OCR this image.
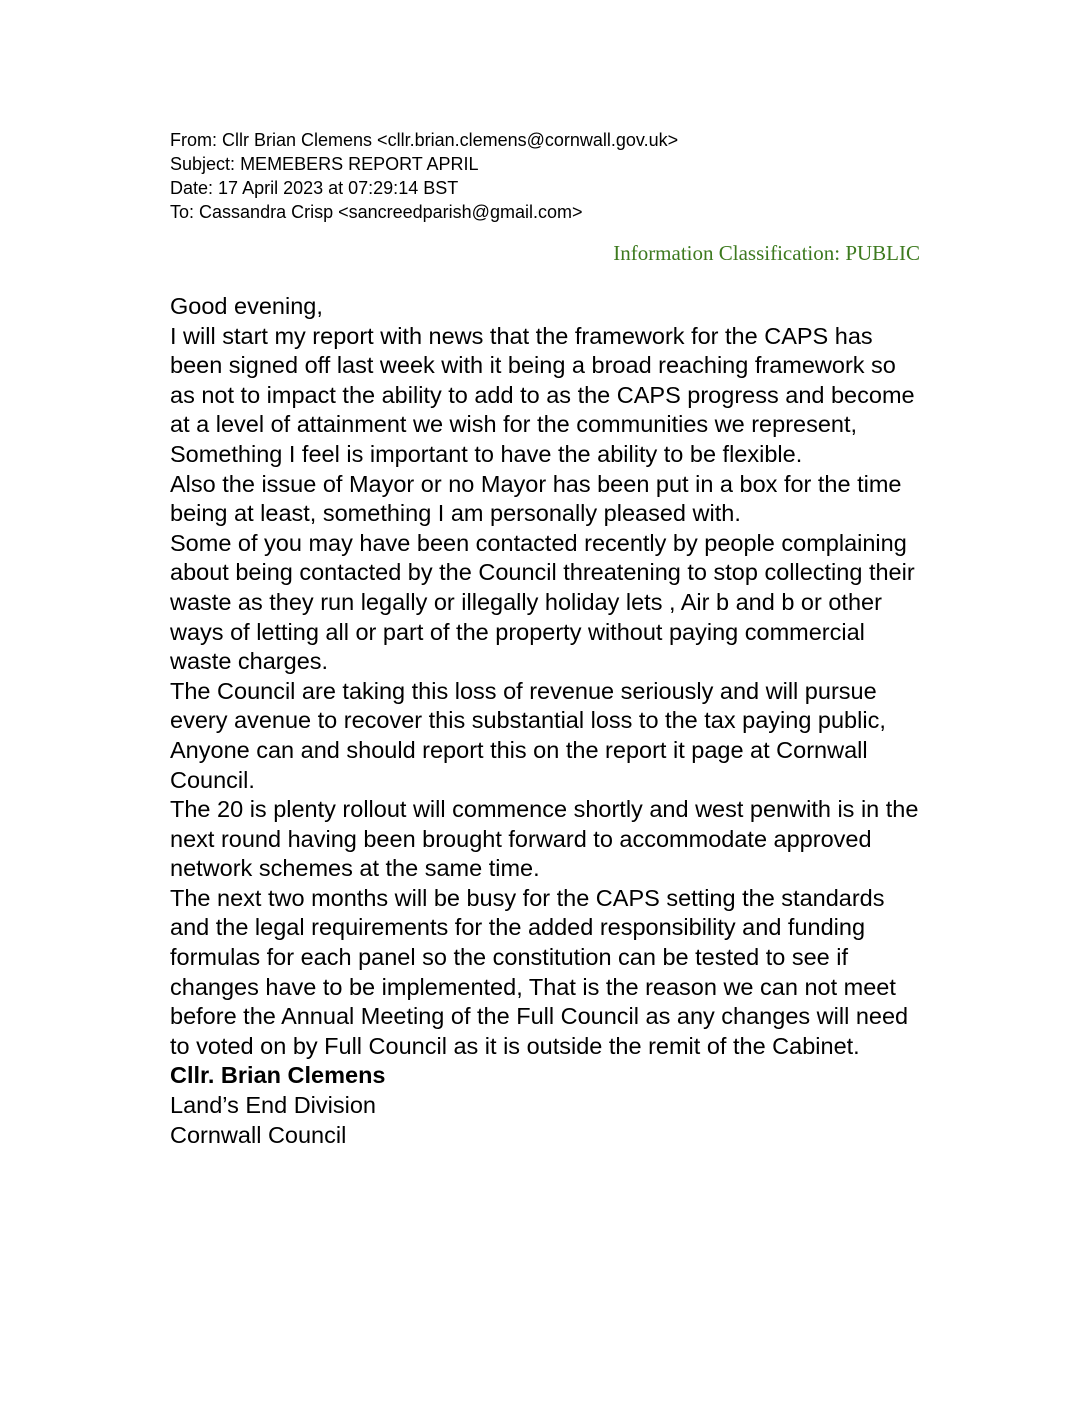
From: Cllr Brian Clemens <cllr.brian.clemens@cornwall.gov.uk>
Subject: MEMEBERS REPORT APRIL
Date: 17 April 2023 at 07:29:14 BST
To: Cassandra Crisp <sancreedparish@gmail.com>
Information Classification: PUBLIC

Good evening,

I will start my report with news that the framework for the CAPS has been signed off last week with it being a broad reaching framework so as not to impact the ability to add to as the CAPS progress and become at a level of attainment we wish for the communities we represent, Something I feel is important to have the ability to be flexible.

Also the issue of Mayor or no Mayor has been put in a box for the time being at least, something I am personally pleased with.

Some of you may have been contacted recently by people complaining about being contacted by the Council threatening to stop collecting their waste as they run legally or illegally holiday lets , Air b and b or other ways of letting all or part of the property without paying commercial waste charges.

The Council are taking this loss of revenue seriously and will pursue every avenue to recover this substantial loss to the tax paying public, Anyone can and should report this on the report it page at Cornwall Council.

The 20 is plenty rollout will commence shortly and west penwith is in the next round having been brought forward to accommodate approved network schemes at the same time.

The next two months will be busy for the CAPS setting the standards and the legal requirements for the added responsibility and funding formulas for each panel so the constitution can be tested to see if changes have to be implemented, That is the reason we can not meet before the Annual Meeting of the Full Council as any changes will need to voted on by Full Council as it is outside the remit of the Cabinet.

Cllr. Brian Clemens

Land’s End Division

Cornwall Council
